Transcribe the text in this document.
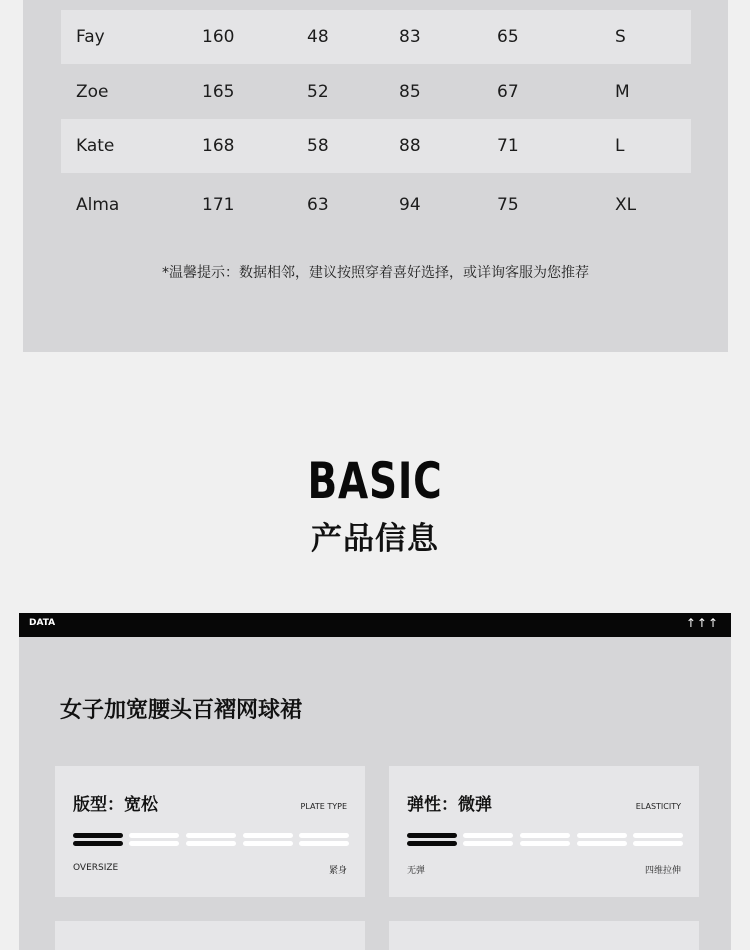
Fay	160	48	83	65	S
Zoe	165	52	85	67	M
Kate	168	58	88	71	L
Alma	171	63	94	75	XL
*温馨提示：数据相邻，建议按照穿着喜好选择，或详询客服为您推荐
BASIC
产品信息
DATA	↑↑↑
女子加宽腰头百褶网球裙
版型：宽松	PLATE TYPE
OVERSIZE	紧身
弹性：微弹	ELASTICITY
无弹	四维拉伸
